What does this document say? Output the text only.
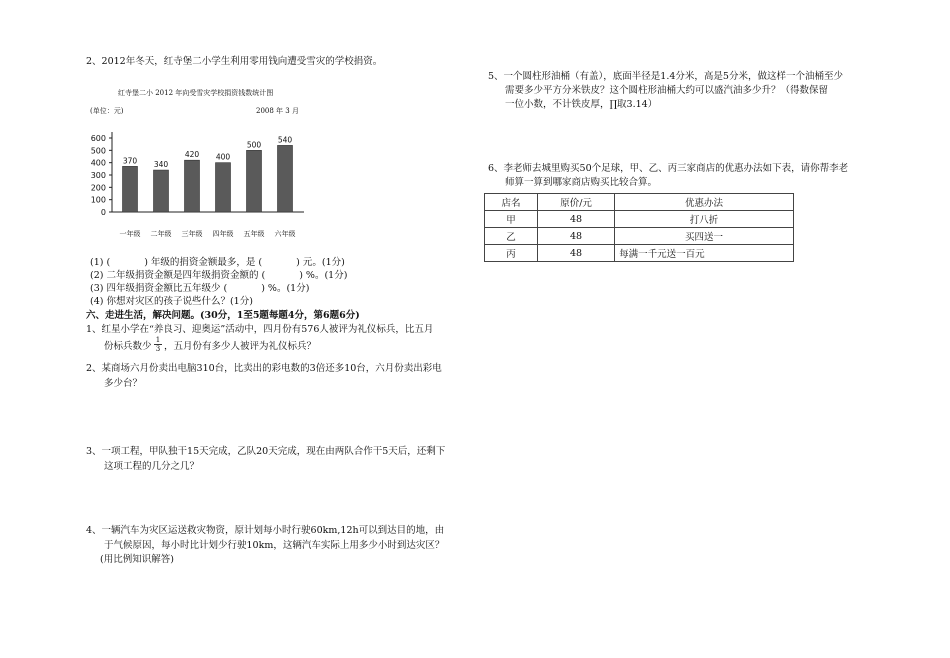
2、2012年冬天，红寺堡二小学生利用零用钱向遭受雪灾的学校捐资。
红寺堡二小 2012 年向受雪灾学校捐资钱数统计图
2008 年 3 月
(单位：元)
0
100
200
300
400
500
600
370
一年级
340
二年级
420
三年级
400
四年级
500
五年级
540
六年级
(1) (	) 年级的捐资金额最多，是 (	) 元。(1分)
(2) 二年级捐资金额是四年级捐资金额的 (	) %。(1分)
(3) 四年级捐资金额比五年级少 (	) %。(1分)
(4) 你想对灾区的孩子说些什么？(1分)
六、走进生活，解决问题。(30分，1至5题每题4分，第6题6分)
1、红星小学在“养良习、迎奥运”活动中，四月份有576人被评为礼仪标兵，比五月
份标兵数少 $\frac{1}{3}$ ，五月份有多少人被评为礼仪标兵？
2、某商场六月份卖出电脑310台，比卖出的彩电数的3倍还多10台，六月份卖出彩电
多少台？
3、一项工程，甲队独干15天完成，乙队20天完成，现在由两队合作干5天后，还剩下
这项工程的几分之几？
4、一辆汽车为灾区运送救灾物资，原计划每小时行驶60km,12h可以到达目的地，由
于气候原因，每小时比计划少行驶10km，这辆汽车实际上用多少小时到达灾区？
(用比例知识解答)
5、一个圆柱形油桶（有盖），底面半径是1.4分米，高是5分米，做这样一个油桶至少
需要多少平方分米铁皮？这个圆柱形油桶大约可以盛汽油多少升？（得数保留
一位小数，不计铁皮厚，∏取3.14）
6、李老师去城里购买50个足球，甲、乙、丙三家商店的优惠办法如下表，请你帮李老
师算一算到哪家商店购买比较合算。
店名	原价/元	优惠办法
甲	48	打八折
乙	48	买四送一
丙	48	每满一千元送一百元
